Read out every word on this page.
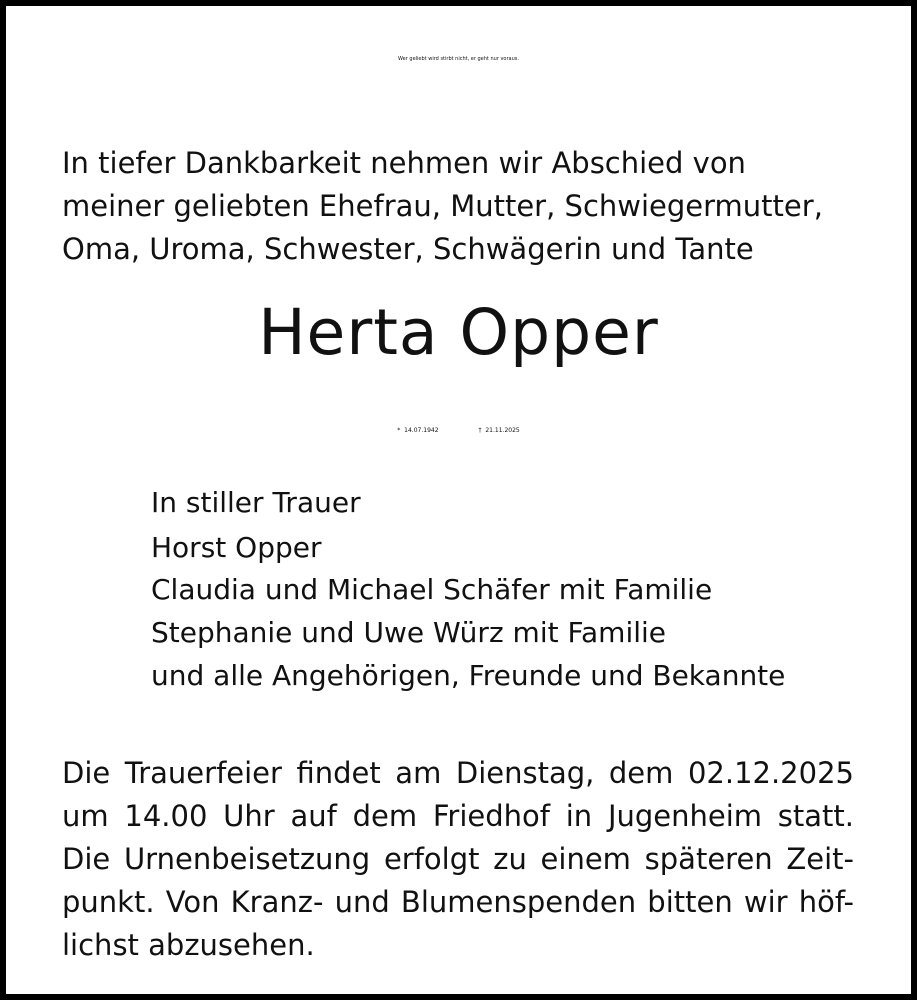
Wer geliebt wird stirbt nicht, er geht nur voraus.
In tiefer Dankbarkeit nehmen wir Abschied von
meiner geliebten Ehefrau, Mutter, Schwiegermutter,
Oma, Uroma, Schwester, Schwägerin und Tante
Herta Opper
* 14.07.1942	† 21.11.2025
In stiller Trauer
Horst Opper
Claudia und Michael Schäfer mit Familie
Stephanie und Uwe Würz mit Familie
und alle Angehörigen, Freunde und Bekannte
Die Trauerfeier findet am Dienstag, dem 02.12.2025
um 14.00 Uhr auf dem Friedhof in Jugenheim statt.
Die Urnenbeisetzung erfolgt zu einem späteren Zeit-
punkt. Von Kranz- und Blumenspenden bitten wir höf-
lichst abzusehen.
